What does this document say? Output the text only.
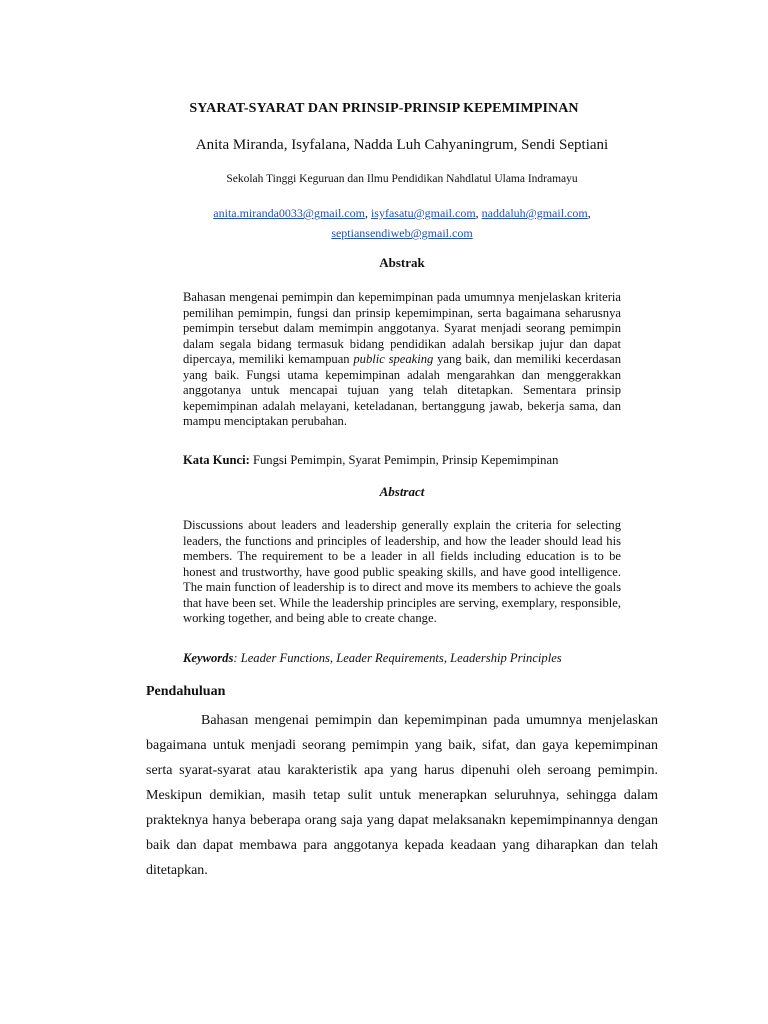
SYARAT-SYARAT DAN PRINSIP-PRINSIP KEPEMIMPINAN
Anita Miranda, Isyfalana, Nadda Luh Cahyaningrum, Sendi Septiani
Sekolah Tinggi Keguruan dan Ilmu Pendidikan Nahdlatul Ulama Indramayu
anita.miranda0033@gmail.com, isyfasatu@gmail.com, naddaluh@gmail.com,
septiansendiweb@gmail.com
Abstrak
Bahasan mengenai pemimpin dan kepemimpinan pada umumnya menjelaskan kriteria pemilihan pemimpin, fungsi dan prinsip kepemimpinan, serta bagaimana seharusnya pemimpin tersebut dalam memimpin anggotanya. Syarat menjadi seorang pemimpin dalam segala bidang termasuk bidang pendidikan adalah bersikap jujur dan dapat dipercaya, memiliki kemampuan public speaking yang baik, dan memiliki kecerdasan yang baik. Fungsi utama kepemimpinan adalah mengarahkan dan menggerakkan anggotanya untuk mencapai tujuan yang telah ditetapkan. Sementara prinsip kepemimpinan adalah melayani, keteladanan, bertanggung jawab, bekerja sama, dan mampu menciptakan perubahan.
Kata Kunci: Fungsi Pemimpin, Syarat Pemimpin, Prinsip Kepemimpinan
Abstract
Discussions about leaders and leadership generally explain the criteria for selecting leaders, the functions and principles of leadership, and how the leader should lead his members. The requirement to be a leader in all fields including education is to be honest and trustworthy, have good public speaking skills, and have good intelligence. The main function of leadership is to direct and move its members to achieve the goals that have been set. While the leadership principles are serving, exemplary, responsible, working together, and being able to create change.
Keywords: Leader Functions, Leader Requirements, Leadership Principles
Pendahuluan
Bahasan mengenai pemimpin dan kepemimpinan pada umumnya menjelaskan bagaimana untuk menjadi seorang pemimpin yang baik, sifat, dan gaya kepemimpinan serta syarat-syarat atau karakteristik apa yang harus dipenuhi oleh seroang pemimpin. Meskipun demikian, masih tetap sulit untuk menerapkan seluruhnya, sehingga dalam prakteknya hanya beberapa orang saja yang dapat melaksanakn kepemimpinannya dengan baik dan dapat membawa para anggotanya kepada keadaan yang diharapkan dan telah ditetapkan.
